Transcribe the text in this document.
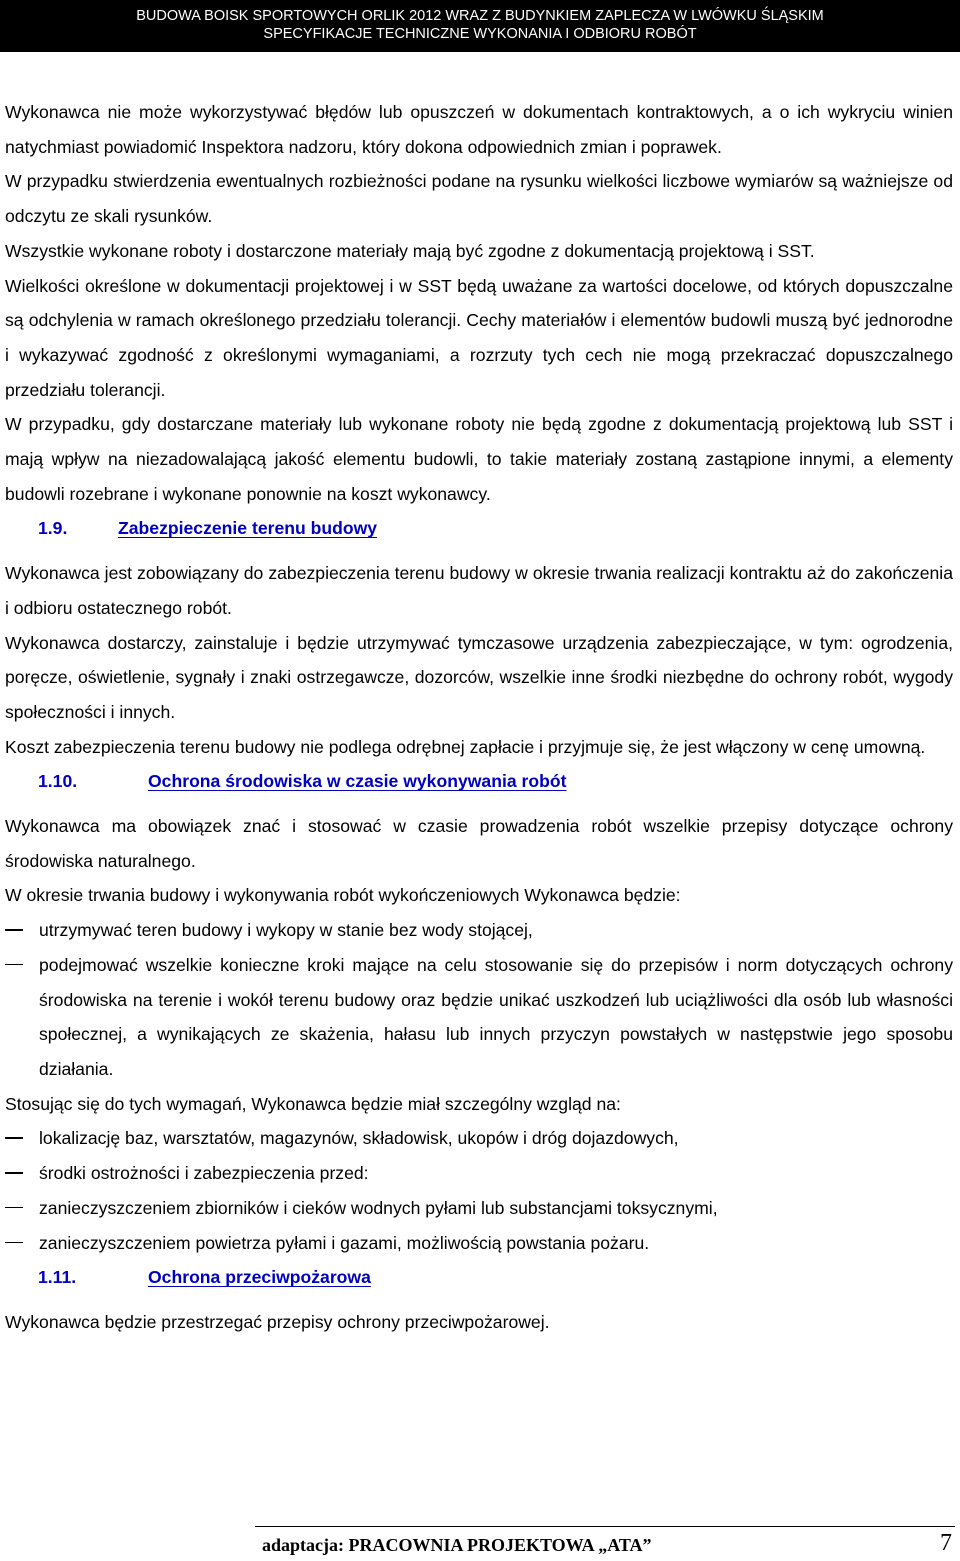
BUDOWA BOISK SPORTOWYCH ORLIK 2012 WRAZ Z BUDYNKIEM ZAPLECZA W LWÓWKU ŚLĄSKIM
SPECYFIKACJE TECHNICZNE WYKONANIA I ODBIORU ROBÓT

Wykonawca nie może wykorzystywać błędów lub opuszczeń w dokumentach kontraktowych, a o ich wykryciu winien natychmiast powiadomić Inspektora nadzoru, który dokona odpowiednich zmian i poprawek.

W przypadku stwierdzenia ewentualnych rozbieżności podane na rysunku wielkości liczbowe wymiarów są ważniejsze od odczytu ze skali rysunków.

Wszystkie wykonane roboty i dostarczone materiały mają być zgodne z dokumentacją projektową i SST.

Wielkości określone w dokumentacji projektowej i w SST będą uważane za wartości docelowe, od których dopuszczalne są odchylenia w ramach określonego przedziału tolerancji. Cechy materiałów i elementów budowli muszą być jednorodne i wykazywać zgodność z określonymi wymaganiami, a rozrzuty tych cech nie mogą przekraczać dopuszczalnego przedziału tolerancji.

W przypadku, gdy dostarczane materiały lub wykonane roboty nie będą zgodne z dokumentacją projektową lub SST i mają wpływ na niezadowalającą jakość elementu budowli, to takie materiały zostaną zastąpione innymi, a elementy budowli rozebrane i wykonane ponownie na koszt wykonawcy.

1.9.	Zabezpieczenie terenu budowy

Wykonawca jest zobowiązany do zabezpieczenia terenu budowy w okresie trwania realizacji kontraktu aż do zakończenia i odbioru ostatecznego robót.

Wykonawca dostarczy, zainstaluje i będzie utrzymywać tymczasowe urządzenia zabezpieczające, w tym: ogrodzenia, poręcze, oświetlenie, sygnały i znaki ostrzegawcze, dozorców, wszelkie inne środki niezbędne do ochrony robót, wygody społeczności i innych.

Koszt zabezpieczenia terenu budowy nie podlega odrębnej zapłacie i przyjmuje się, że jest włączony w cenę umowną.

1.10.	Ochrona środowiska w czasie wykonywania robót

Wykonawca ma obowiązek znać i stosować w czasie prowadzenia robót wszelkie przepisy dotyczące ochrony środowiska naturalnego.

W okresie trwania budowy i wykonywania robót wykończeniowych Wykonawca będzie:

utrzymywać teren budowy i wykopy w stanie bez wody stojącej,
podejmować wszelkie konieczne kroki mające na celu stosowanie się do przepisów i norm dotyczących ochrony środowiska na terenie i wokół terenu budowy oraz będzie unikać uszkodzeń lub uciążliwości dla osób lub własności społecznej, a wynikających ze skażenia, hałasu lub innych przyczyn powstałych w następstwie jego sposobu działania.

Stosując się do tych wymagań, Wykonawca będzie miał szczególny wzgląd na:

lokalizację baz, warsztatów, magazynów, składowisk, ukopów i dróg dojazdowych,
środki ostrożności i zabezpieczenia przed:
zanieczyszczeniem zbiorników i cieków wodnych pyłami lub substancjami toksycznymi,
zanieczyszczeniem powietrza pyłami i gazami, możliwością powstania pożaru.
1.11.	Ochrona przeciwpożarowa

Wykonawca będzie przestrzegać przepisy ochrony przeciwpożarowej.

adaptacja: PRACOWNIA PROJEKTOWA „ATA”	7
